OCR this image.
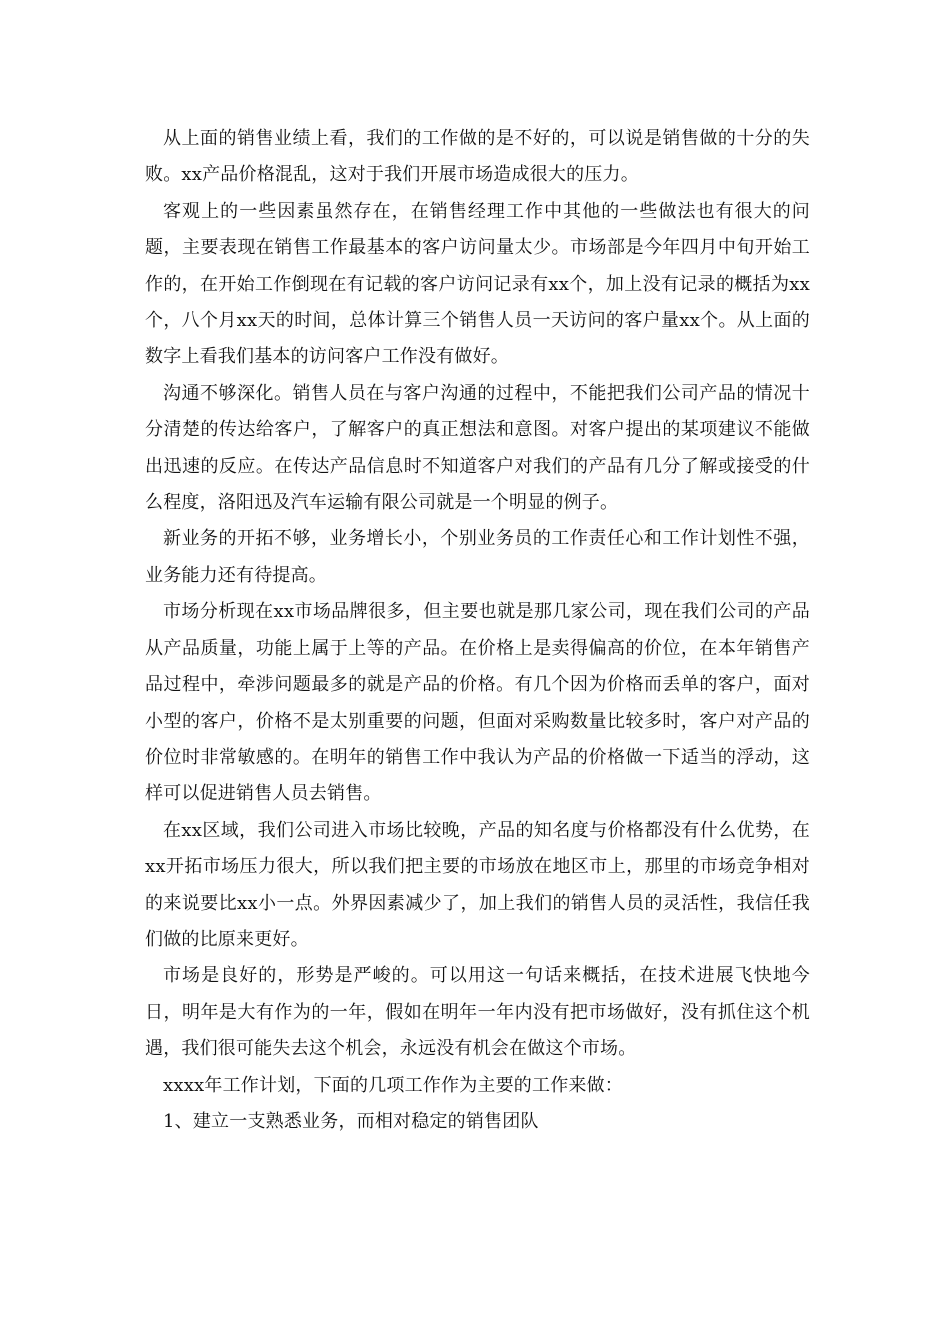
从上面的销售业绩上看，我们的工作做的是不好的，可以说是销售做的十分的失败。xx产品价格混乱，这对于我们开展市场造成很大的压力。

客观上的一些因素虽然存在，在销售经理工作中其他的一些做法也有很大的问题，主要表现在销售工作最基本的客户访问量太少。市场部是今年四月中旬开始工作的，在开始工作倒现在有记载的客户访问记录有xx个，加上没有记录的概括为xx个，八个月xx天的时间，总体计算三个销售人员一天访问的客户量xx个。从上面的数字上看我们基本的访问客户工作没有做好。

沟通不够深化。销售人员在与客户沟通的过程中，不能把我们公司产品的情况十分清楚的传达给客户，了解客户的真正想法和意图。对客户提出的某项建议不能做出迅速的反应。在传达产品信息时不知道客户对我们的产品有几分了解或接受的什么程度，洛阳迅及汽车运输有限公司就是一个明显的例子。

新业务的开拓不够，业务增长小，个别业务员的工作责任心和工作计划性不强，业务能力还有待提高。

市场分析现在xx市场品牌很多，但主要也就是那几家公司，现在我们公司的产品从产品质量，功能上属于上等的产品。在价格上是卖得偏高的价位，在本年销售产品过程中，牵涉问题最多的就是产品的价格。有几个因为价格而丢单的客户，面对小型的客户，价格不是太别重要的问题，但面对采购数量比较多时，客户对产品的价位时非常敏感的。在明年的销售工作中我认为产品的价格做一下适当的浮动，这样可以促进销售人员去销售。

在xx区域，我们公司进入市场比较晚，产品的知名度与价格都没有什么优势，在xx开拓市场压力很大，所以我们把主要的市场放在地区市上，那里的市场竞争相对的来说要比xx小一点。外界因素减少了，加上我们的销售人员的灵活性，我信任我们做的比原来更好。

市场是良好的，形势是严峻的。可以用这一句话来概括，在技术进展飞快地今日，明年是大有作为的一年，假如在明年一年内没有把市场做好，没有抓住这个机遇，我们很可能失去这个机会，永远没有机会在做这个市场。

xxxx年工作计划，下面的几项工作作为主要的工作来做：

1、建立一支熟悉业务，而相对稳定的销售团队
